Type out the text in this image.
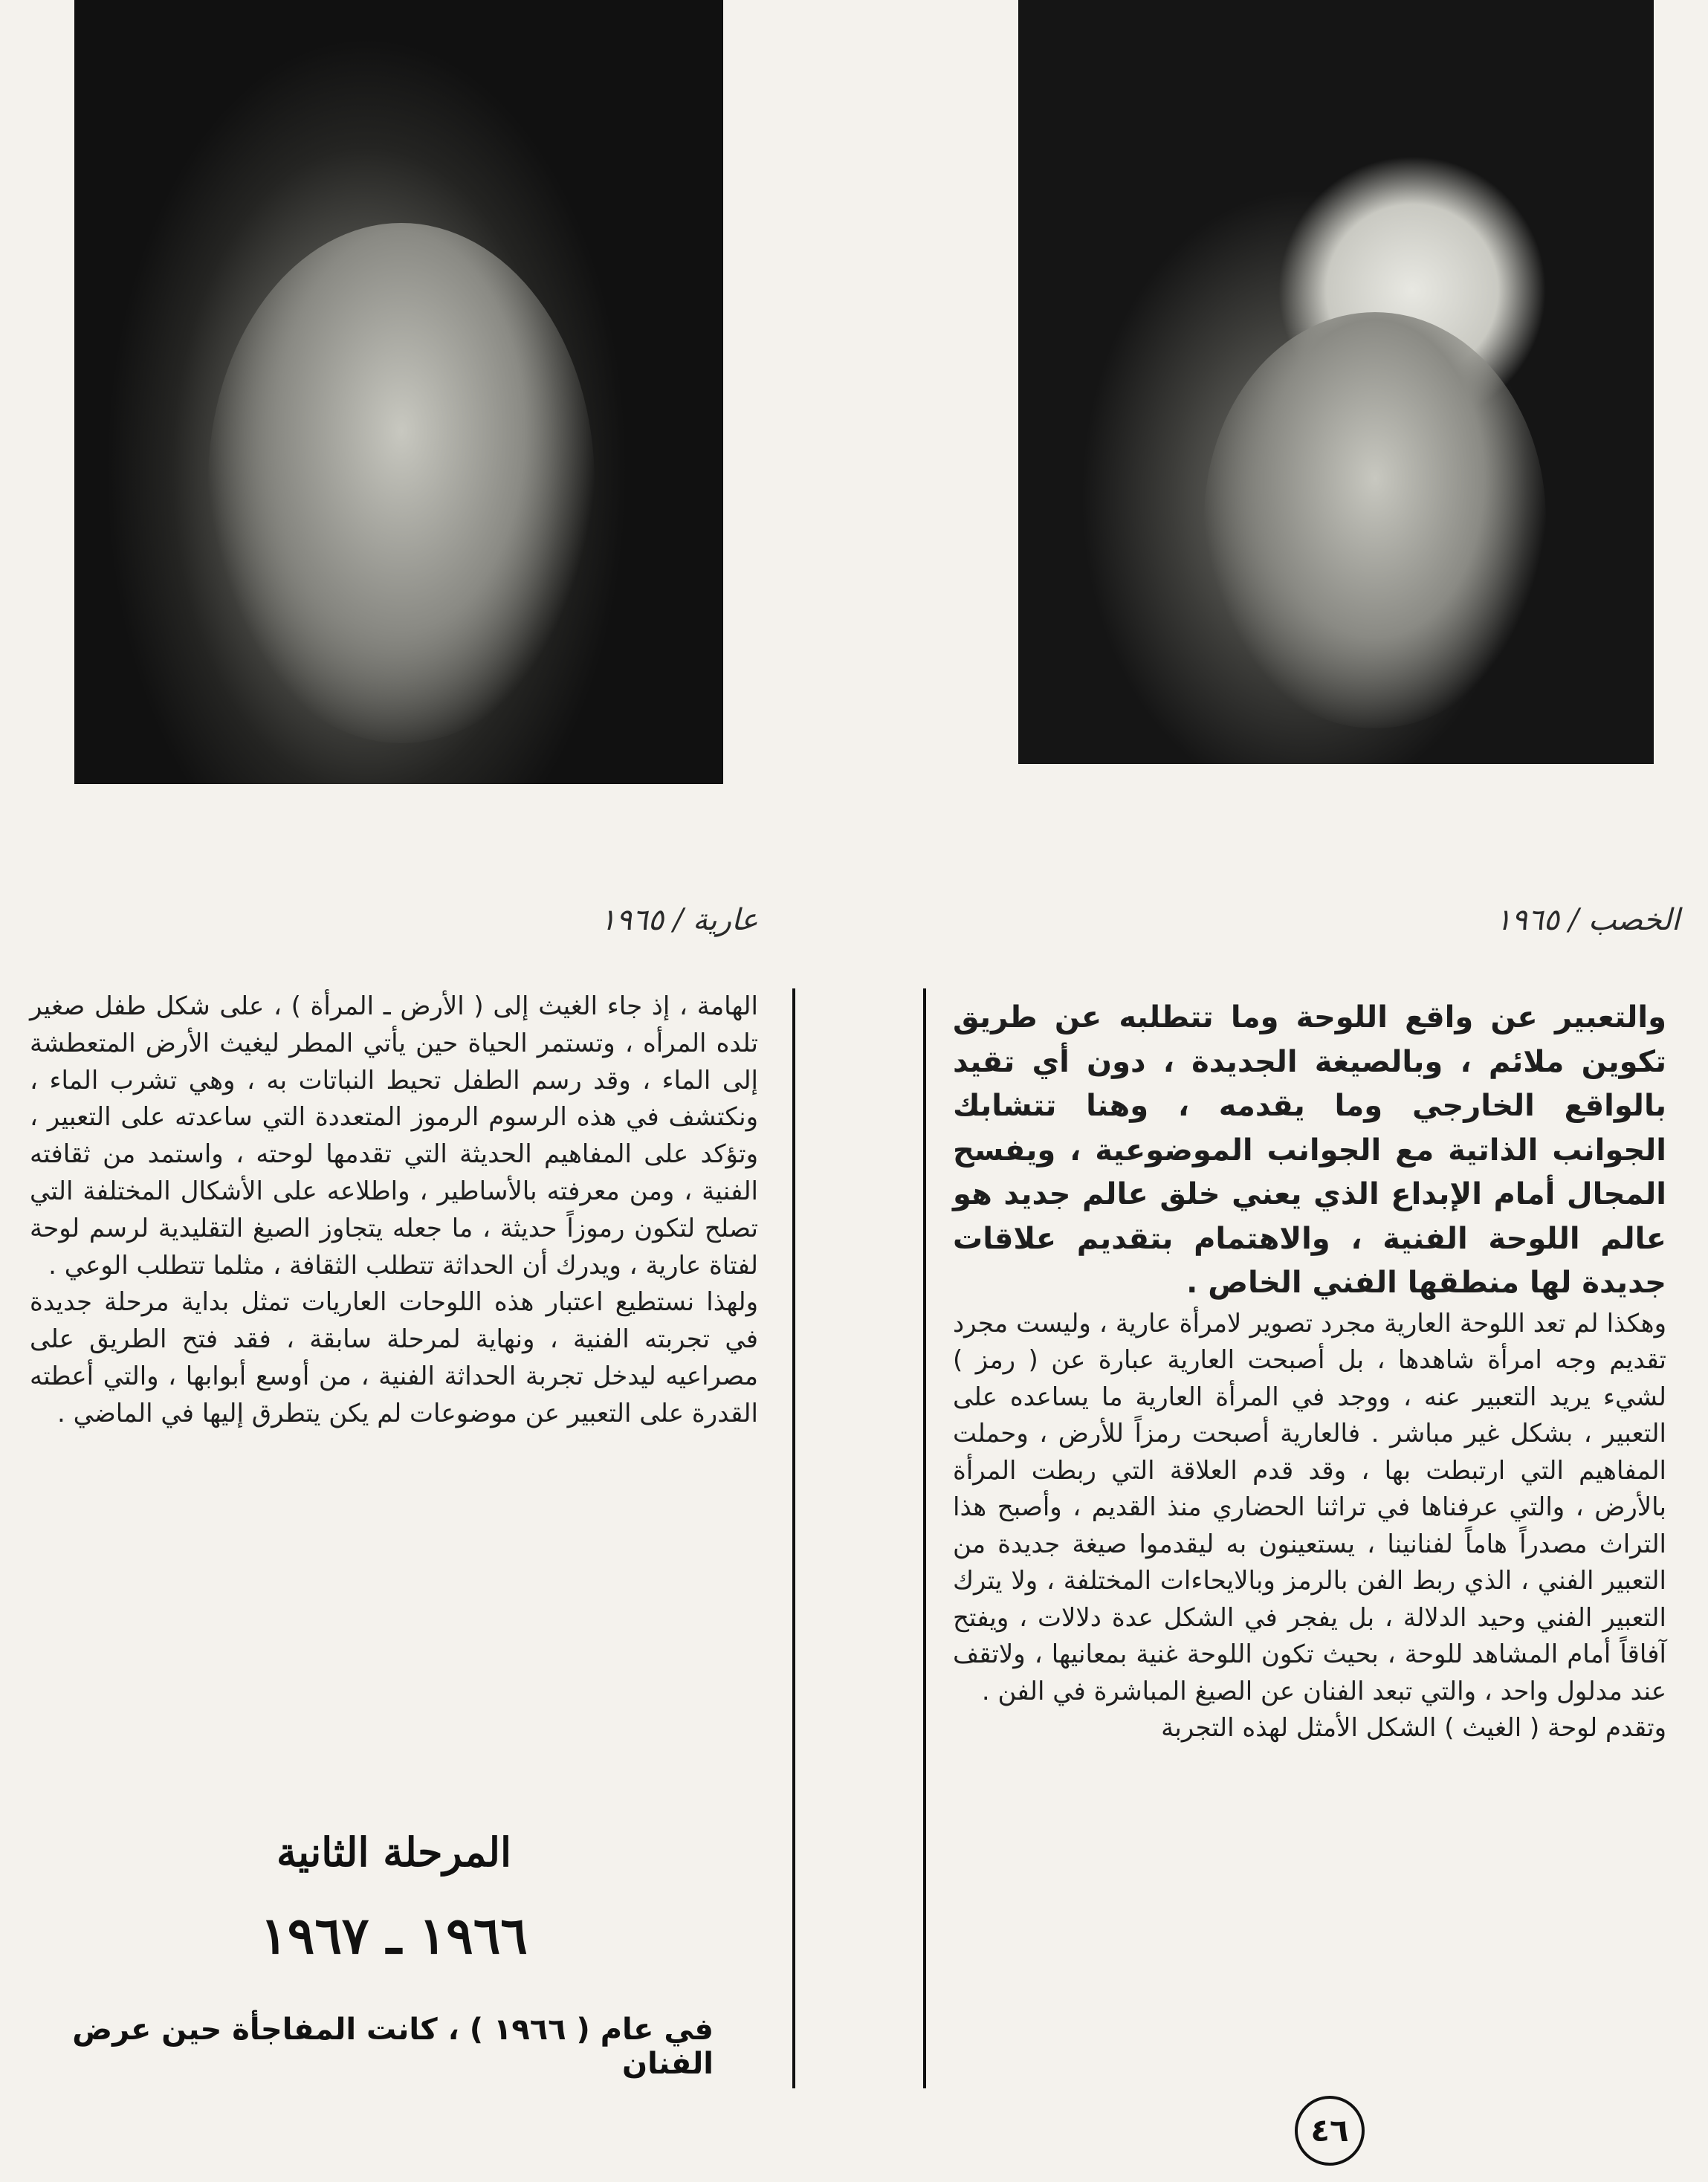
عارية / ١٩٦٥	الخصب / ١٩٦٥

والتعبير عن واقع اللوحة وما تتطلبه عن طريق تكوين ملائم ، وبالصيغة الجديدة ، دون أي تقيد بالواقع الخارجي وما يقدمه ، وهنا تتشابك الجوانب الذاتية مع الجوانب الموضوعية ، ويفسح المجال أمام الإبداع الذي يعني خلق عالم جديد هو عالم اللوحة الفنية ، والاهتمام بتقديم علاقات جديدة لها منطقها الفني الخاص .

وهكذا لم تعد اللوحة العارية مجرد تصوير لامرأة عارية ، وليست مجرد تقديم وجه امرأة شاهدها ، بل أصبحت العارية عبارة عن ( رمز ) لشيء يريد التعبير عنه ، ووجد في المرأة العارية ما يساعده على التعبير ، بشكل غير مباشر . فالعارية أصبحت رمزاً للأرض ، وحملت المفاهيم التي ارتبطت بها ، وقد قدم العلاقة التي ربطت المرأة بالأرض ، والتي عرفناها في تراثنا الحضاري منذ القديم ، وأصبح هذا التراث مصدراً هاماً لفنانينا ، يستعينون به ليقدموا صيغة جديدة من التعبير الفني ، الذي ربط الفن بالرمز وبالايحاءات المختلفة ، ولا يترك التعبير الفني وحيد الدلالة ، بل يفجر في الشكل عدة دلالات ، ويفتح آفاقاً أمام المشاهد للوحة ، بحيث تكون اللوحة غنية بمعانيها ، ولاتقف عند مدلول واحد ، والتي تبعد الفنان عن الصيغ المباشرة في الفن .

وتقدم لوحة ( الغيث ) الشكل الأمثل لهذه التجربة

الهامة ، إذ جاء الغيث إلى ( الأرض ـ المرأة ) ، على شكل طفل صغير تلده المرأه ، وتستمر الحياة حين يأتي المطر ليغيث الأرض المتعطشة إلى الماء ، وقد رسم الطفل تحيط النباتات به ، وهي تشرب الماء ، ونكتشف في هذه الرسوم الرموز المتعددة التي ساعدته على التعبير ، وتؤكد على المفاهيم الحديثة التي تقدمها لوحته ، واستمد من ثقافته الفنية ، ومن معرفته بالأساطير ، واطلاعه على الأشكال المختلفة التي تصلح لتكون رموزاً حديثة ، ما جعله يتجاوز الصيغ التقليدية لرسم لوحة لفتاة عارية ، ويدرك أن الحداثة تتطلب الثقافة ، مثلما تتطلب الوعي .

ولهذا نستطيع اعتبار هذه اللوحات العاريات تمثل بداية مرحلة جديدة في تجربته الفنية ، ونهاية لمرحلة سابقة ، فقد فتح الطريق على مصراعيه ليدخل تجربة الحداثة الفنية ، من أوسع أبوابها ، والتي أعطته القدرة على التعبير عن موضوعات لم يكن يتطرق إليها في الماضي .

المرحلة الثانية
١٩٦٦ ـ ١٩٦٧
في عام ( ١٩٦٦ ) ، كانت المفاجأة حين عرض الفنان
٤٦
